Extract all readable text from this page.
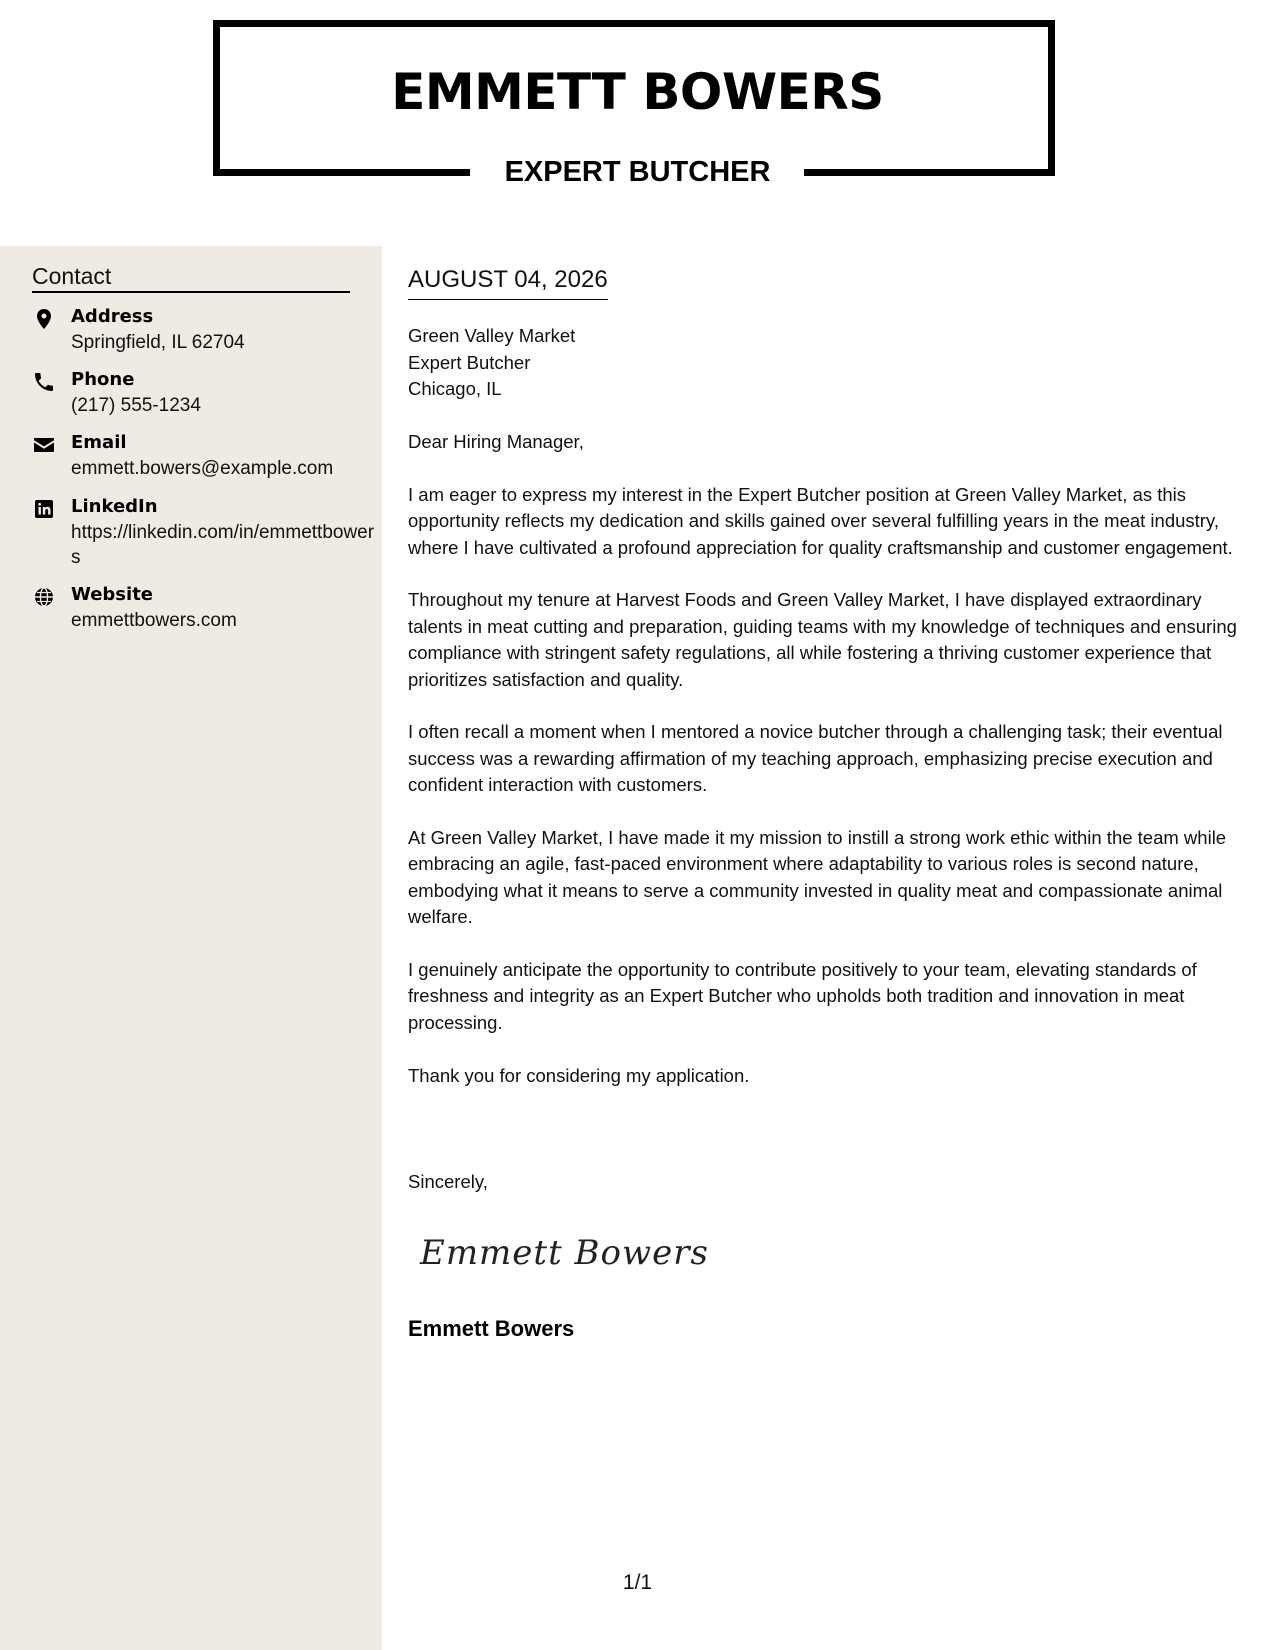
EMMETT BOWERS
EXPERT BUTCHER
Contact
Address
Springfield, IL 62704
Phone
(217) 555-1234
Email
emmett.bowers@example.com
LinkedIn
https://linkedin.com/in/emmettbowers
Website
emmettbowers.com
AUGUST 04, 2026
Green Valley Market
Expert Butcher
Chicago, IL

Dear Hiring Manager,

I am eager to express my interest in the Expert Butcher position at Green Valley Market, as this opportunity reflects my dedication and skills gained over several fulfilling years in the meat industry, where I have cultivated a profound appreciation for quality craftsmanship and customer engagement.

Throughout my tenure at Harvest Foods and Green Valley Market, I have displayed extraordinary talents in meat cutting and preparation, guiding teams with my knowledge of techniques and ensuring compliance with stringent safety regulations, all while fostering a thriving customer experience that prioritizes satisfaction and quality.

I often recall a moment when I mentored a novice butcher through a challenging task; their eventual success was a rewarding affirmation of my teaching approach, emphasizing precise execution and confident interaction with customers.

At Green Valley Market, I have made it my mission to instill a strong work ethic within the team while embracing an agile, fast-paced environment where adaptability to various roles is second nature, embodying what it means to serve a community invested in quality meat and compassionate animal welfare.

I genuinely anticipate the opportunity to contribute positively to your team, elevating standards of freshness and integrity as an Expert Butcher who upholds both tradition and innovation in meat processing.

Thank you for considering my application.

Sincerely,
Emmett Bowers
Emmett Bowers
1/1
